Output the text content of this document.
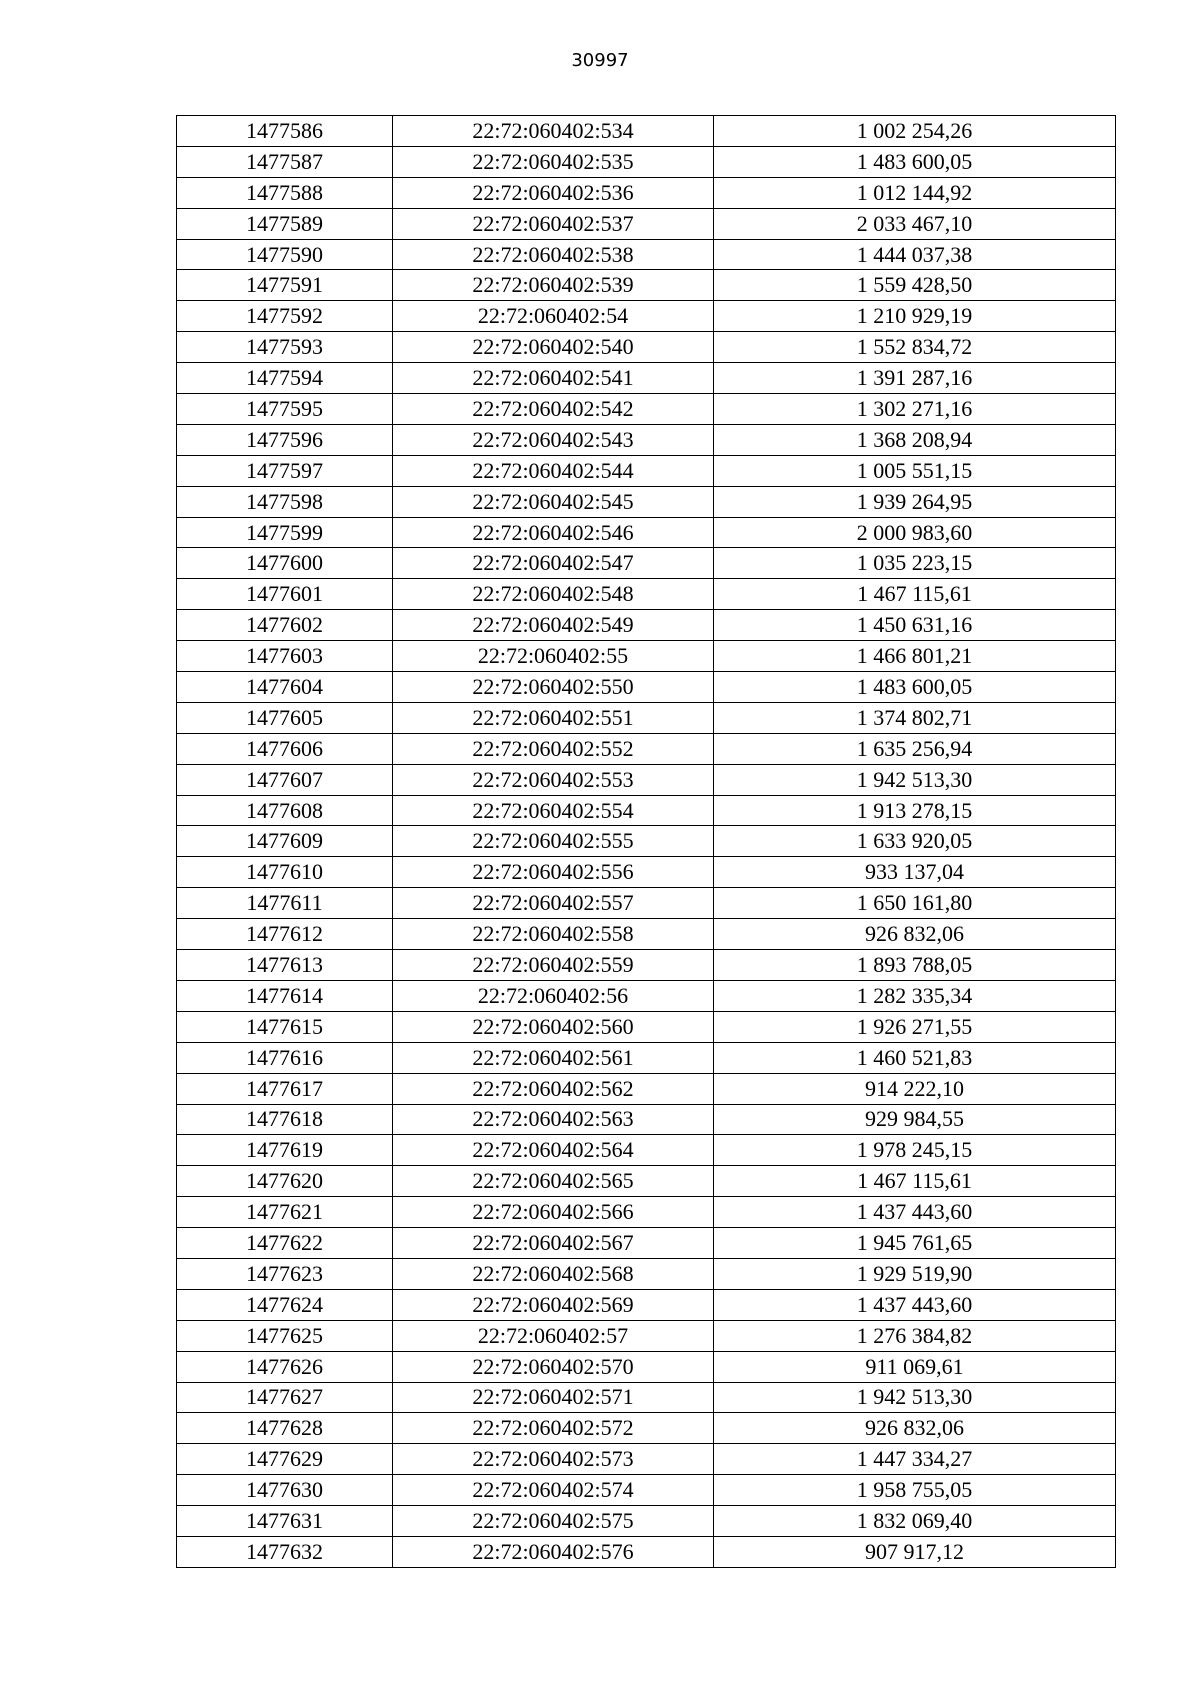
30997
1477586	22:72:060402:534	1 002 254,26
1477587	22:72:060402:535	1 483 600,05
1477588	22:72:060402:536	1 012 144,92
1477589	22:72:060402:537	2 033 467,10
1477590	22:72:060402:538	1 444 037,38
1477591	22:72:060402:539	1 559 428,50
1477592	22:72:060402:54	1 210 929,19
1477593	22:72:060402:540	1 552 834,72
1477594	22:72:060402:541	1 391 287,16
1477595	22:72:060402:542	1 302 271,16
1477596	22:72:060402:543	1 368 208,94
1477597	22:72:060402:544	1 005 551,15
1477598	22:72:060402:545	1 939 264,95
1477599	22:72:060402:546	2 000 983,60
1477600	22:72:060402:547	1 035 223,15
1477601	22:72:060402:548	1 467 115,61
1477602	22:72:060402:549	1 450 631,16
1477603	22:72:060402:55	1 466 801,21
1477604	22:72:060402:550	1 483 600,05
1477605	22:72:060402:551	1 374 802,71
1477606	22:72:060402:552	1 635 256,94
1477607	22:72:060402:553	1 942 513,30
1477608	22:72:060402:554	1 913 278,15
1477609	22:72:060402:555	1 633 920,05
1477610	22:72:060402:556	933 137,04
1477611	22:72:060402:557	1 650 161,80
1477612	22:72:060402:558	926 832,06
1477613	22:72:060402:559	1 893 788,05
1477614	22:72:060402:56	1 282 335,34
1477615	22:72:060402:560	1 926 271,55
1477616	22:72:060402:561	1 460 521,83
1477617	22:72:060402:562	914 222,10
1477618	22:72:060402:563	929 984,55
1477619	22:72:060402:564	1 978 245,15
1477620	22:72:060402:565	1 467 115,61
1477621	22:72:060402:566	1 437 443,60
1477622	22:72:060402:567	1 945 761,65
1477623	22:72:060402:568	1 929 519,90
1477624	22:72:060402:569	1 437 443,60
1477625	22:72:060402:57	1 276 384,82
1477626	22:72:060402:570	911 069,61
1477627	22:72:060402:571	1 942 513,30
1477628	22:72:060402:572	926 832,06
1477629	22:72:060402:573	1 447 334,27
1477630	22:72:060402:574	1 958 755,05
1477631	22:72:060402:575	1 832 069,40
1477632	22:72:060402:576	907 917,12
